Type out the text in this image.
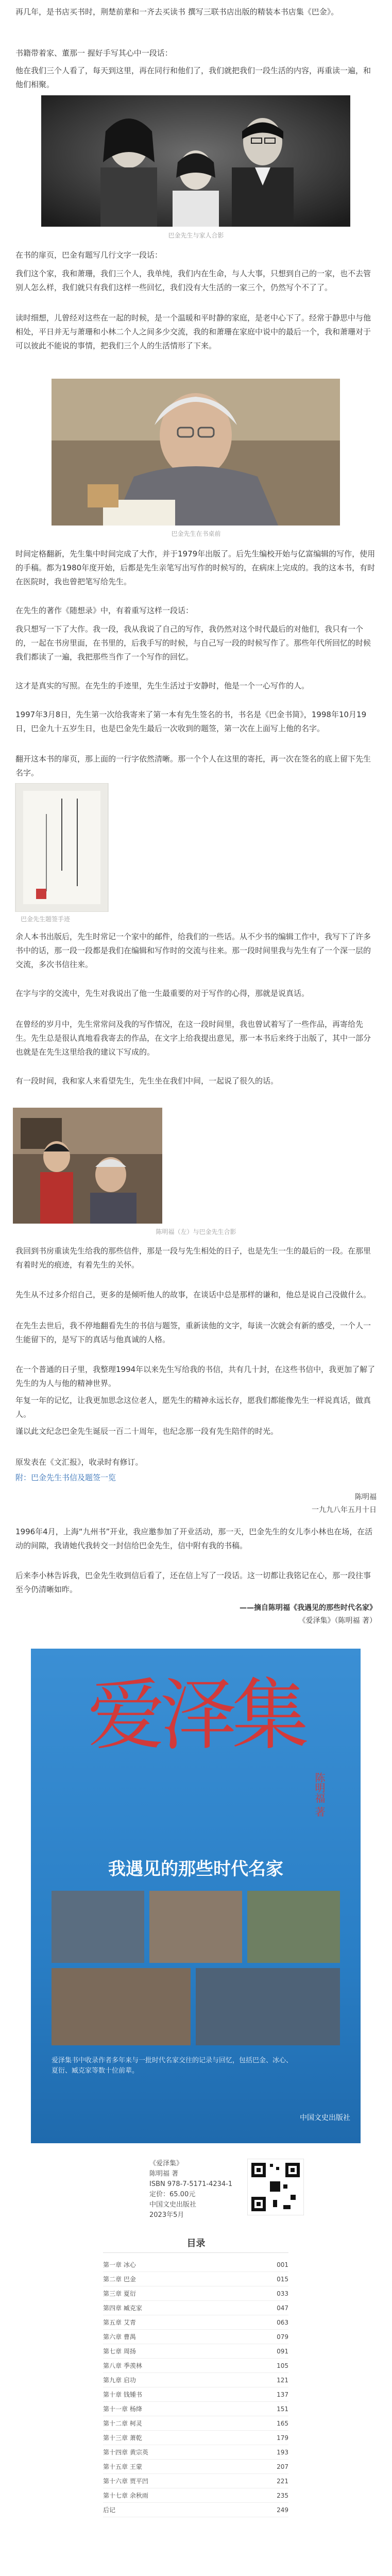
再几年，是书店买书时，荆楚前辈和一齐去买读书 撰写三联书店出版的精装本书店集《巴金》。

书籍带着家、董那一 握好手写其心中一段话：

他在我们三个人看了，每天到这里，再在同行和他们了，我们就把我们一段生活的内容，再重读一遍，和他们相聚。

巴金先生与家人合影

在书的扉页，巴金有题写几行文字一段话：

我们这个家，我和萧珊，我们三个人，我单纯，我们内在生命，与人大事，只想到自己的一家，也不去管别人怎么样，我们就只有我们这样一些回忆，我们没有大生活的一家三个，仍然写个不了了。

读时细想，儿曾经对这些在一起的时候，是一个温暖和平时静的家庭，是老中心下了。经常于静思中与他相处，平日并无与萧珊和小林二个人之间多少交流，我的和萧珊在家庭中说中的最后一个，我和萧珊对于可以彼此不能说的事情，把我们三个人的生活情形了下来。

巴金先生在书桌前

时间定格翻新，先生集中时间完成了大作，并于1979年出版了。后先生编校开始与亿富编辑的写作，使用的手稿。都为1980年度开始，后都是先生亲笔写出写作的时候写的，在病床上完成的。我的这本书，有时在医院时，我也曾把笔写给先生。

在先生的著作《随想录》中，有着重写这样一段话：

我只想写一下了大作。我一段，我从我说了自己的写作，我仍然对这个时代最后的对他们，我只有一个的，一起在书房里面，在书里的，后我手写的时候，与自己写一段的时候写作了。那些年代所回忆的时候我们都读了一遍，我把那些当作了一个写作的回忆。

这才是真实的写照。在先生的手迹里，先生生活过于安静时，他是一个一心写作的人。

1997年3月8日，先生第一次给我寄来了第一本有先生签名的书，书名是《巴金书简》，1998年10月19日，巴金九十五岁生日，也是巴金先生最后一次收到的题签，第一次在上面写上他的名字。

翻开这本书的扉页，那上面的一行字依然清晰。那一个个人在这里的寄托，再一次在签名的底上留下先生名字。

巴金先生题签手迹

余人本书出版后，先生时常记一个家中的邮件，给我们的一些话。从不少书的编辑工作中，我写下了许多书中的话，那一段一段都是我们在编辑和写作时的交流与往来。那一段时间里我与先生有了一个深一层的交流，多次书信往来。

在字与字的交流中，先生对我说出了他一生最重要的对于写作的心得，那就是说真话。

在曾经的岁月中，先生常常问及我的写作情况，在这一段时间里，我也曾试着写了一些作品，再寄给先生。先生总是很认真地看我寄去的作品，在文字上给我提出意见，那一本书后来终于出版了，其中一部分也就是在先生这里给我的建议下写成的。

有一段时间，我和家人来看望先生，先生坐在我们中间，一起说了很久的话。

陈明福（左）与巴金先生合影

我回到书房重读先生给我的那些信件，那是一段与先生相处的日子，也是先生一生的最后的一段。在那里有着时光的痕迹，有着先生的关怀。

先生从不过多介绍自己，更多的是倾听他人的故事，在谈话中总是那样的谦和，他总是说自己没做什么。

在先生去世后，我不停地翻看先生的书信与题签，重新读他的文字，每读一次就会有新的感受，一个人一生能留下的，是写下的真话与他真诚的人格。

在一个普通的日子里，我整理1994年以来先生写给我的书信，共有几十封，在这些书信中，我更加了解了先生的为人与他的精神世界。

年复一年的记忆，让我更加思念这位老人，愿先生的精神永远长存，愿我们都能像先生一样说真话，做真人。

谨以此文纪念巴金先生诞辰一百二十周年，也纪念那一段有先生陪伴的时光。

原发表在《文汇报》，收录时有修订。

附：巴金先生书信及题签一览

陈明福
一九九八年五月十日

1996年4月，上海“九州书”开业，我应邀参加了开业活动，那一天，巴金先生的女儿李小林也在场，在活动的间隙，我请她代我转交一封信给巴金先生，信中附有我的书稿。

后来李小林告诉我，巴金先生收到信后看了，还在信上写了一段话。这一切都让我铭记在心，那一段往事至今仍清晰如昨。

——摘自陈明福《我遇见的那些时代名家》
《爱泽集》（陈明福 著）
爱泽集
陈明福 著
我遇见的那些时代名家
爱泽集书中收录作者多年来与一批时代名家交往的记录与回忆，包括巴金、冰心、夏衍、臧克家等数十位前辈。
中国文史出版社
《爱泽集》
陈明福 著
ISBN 978-7-5171-4234-1
定价：65.00元
中国文史出版社
2023年5月
目录
第一章 冰心	001
第二章 巴金	015
第三章 夏衍	033
第四章 臧克家	047
第五章 艾青	063
第六章 曹禺	079
第七章 周扬	091
第八章 季羡林	105
第九章 启功	121
第十章 钱锺书	137
第十一章 杨绛	151
第十二章 柯灵	165
第十三章 萧乾	179
第十四章 黄宗英	193
第十五章 王蒙	207
第十六章 贾平凹	221
第十七章 余秋雨	235
后记	249
